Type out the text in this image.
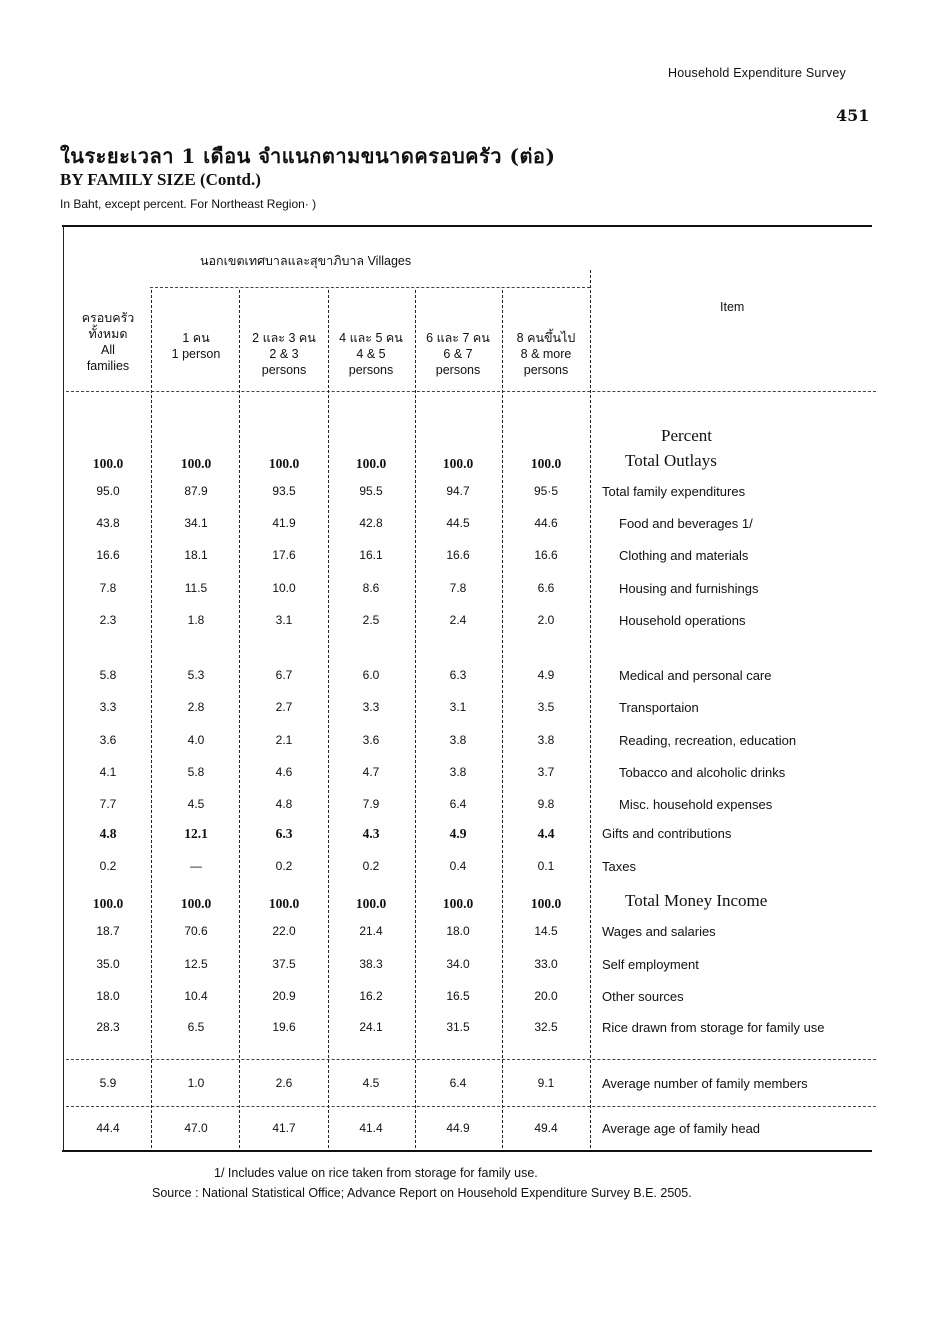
Household Expenditure Survey
451
ในระยะเวลา 1 เดือน จำแนกตามขนาดครอบครัว (ต่อ)
BY FAMILY SIZE (Contd.)
In Baht, except percent. For Northeast Region· )
นอกเขตเทศบาลและสุขาภิบาล Villages
Item
ครอบครัว
ทั้งหมด
All
families
1 คน
1 person
2 และ 3 คน
2 & 3
persons
4 และ 5 คน
4 & 5
persons
6 และ 7 คน
6 & 7
persons
8 คนขึ้นไป
8 & more
persons
Percent
100.0	100.0	100.0	100.0	100.0	100.0	Total Outlays
95.0	87.9	93.5	95.5	94.7	95·5	Total family expenditures
43.8	34.1	41.9	42.8	44.5	44.6	Food and beverages 1/
16.6	18.1	17.6	16.1	16.6	16.6	Clothing and materials
7.8	11.5	10.0	8.6	7.8	6.6	Housing and furnishings
2.3	1.8	3.1	2.5	2.4	2.0	Household operations
5.8	5.3	6.7	6.0	6.3	4.9	Medical and personal care
3.3	2.8	2.7	3.3	3.1	3.5	Transportaion
3.6	4.0	2.1	3.6	3.8	3.8	Reading, recreation, education
4.1	5.8	4.6	4.7	3.8	3.7	Tobacco and alcoholic drinks
7.7	4.5	4.8	7.9	6.4	9.8	Misc. household expenses
4.8	12.1	6.3	4.3	4.9	4.4	Gifts and contributions
0.2	—	0.2	0.2	0.4	0.1	Taxes
100.0	100.0	100.0	100.0	100.0	100.0	Total Money Income
18.7	70.6	22.0	21.4	18.0	14.5	Wages and salaries
35.0	12.5	37.5	38.3	34.0	33.0	Self employment
18.0	10.4	20.9	16.2	16.5	20.0	Other sources
28.3	6.5	19.6	24.1	31.5	32.5	Rice drawn from storage for family use
5.9	1.0	2.6	4.5	6.4	9.1	Average number of family members
44.4	47.0	41.7	41.4	44.9	49.4	Average age of family head
1/ Includes value on rice taken from storage for family use.
Source : National Statistical Office; Advance Report on Household Expenditure Survey B.E. 2505.
